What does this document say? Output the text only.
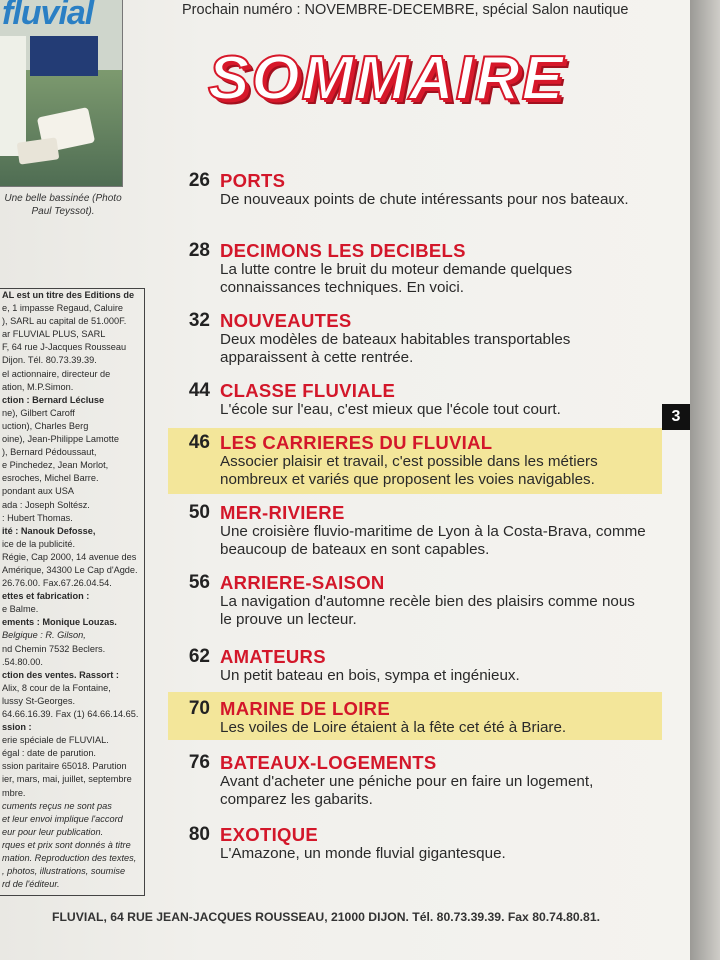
fluvial
Une belle bassinée (Photo Paul Teyssot).
AL est un titre des Editions de
e, 1 impasse Regaud, Caluire
), SARL au capital de 51.000F.
ar FLUVIAL PLUS, SARL
F, 64 rue J-Jacques Rousseau
Dijon. Tél. 80.73.39.39.
el actionnaire, directeur de
ation, M.P.Simon.
ction : Bernard Lécluse
ne), Gilbert Caroff
uction), Charles Berg
oine), Jean-Philippe Lamotte
), Bernard Pédoussaut,
e Pinchedez, Jean Morlot,
esroches, Michel Barre.
pondant aux USA
ada : Joseph Soltész.
: Hubert Thomas.
ité : Nanouk Defosse,
ice de la publicité.
Régie, Cap 2000, 14 avenue des
Amérique, 34300 Le Cap d'Agde.
26.76.00. Fax.67.26.04.54.
ettes et fabrication :
e Balme.
ements : Monique Louzas.
Belgique : R. Gilson,
nd Chemin 7532 Beclers.
.54.80.00.
ction des ventes. Rassort :
Alix, 8 cour de la Fontaine,
lussy St-Georges.
64.66.16.39. Fax (1) 64.66.14.65.
ssion :
erie spéciale de FLUVIAL.
égal : date de parution.
ssion paritaire 65018. Parution
ier, mars, mai, juillet, septembre
mbre.
cuments reçus ne sont pas
et leur envoi implique l'accord
eur pour leur publication.
rques et prix sont donnés à titre
mation. Reproduction des textes,
, photos, illustrations, soumise
rd de l'éditeur.
Prochain numéro : NOVEMBRE-DECEMBRE, spécial Salon nautique
SOMMAIRE
3
26 PORTS
De nouveaux points de chute intéressants pour nos bateaux.
28 DECIMONS LES DECIBELS
La lutte contre le bruit du moteur demande quelques connaissances techniques. En voici.
32 NOUVEAUTES
Deux modèles de bateaux habitables transportables apparaissent à cette rentrée.
44 CLASSE FLUVIALE
L'école sur l'eau, c'est mieux que l'école tout court.
46 LES CARRIERES DU FLUVIAL
Associer plaisir et travail, c'est possible dans les métiers nombreux et variés que proposent les voies navigables.
50 MER-RIVIERE
Une croisière fluvio-maritime de Lyon à la Costa-Brava, comme beaucoup de bateaux en sont capables.
56 ARRIERE-SAISON
La navigation d'automne recèle bien des plaisirs comme nous le prouve un lecteur.
62 AMATEURS
Un petit bateau en bois, sympa et ingénieux.
70 MARINE DE LOIRE
Les voiles de Loire étaient à la fête cet été à Briare.
76 BATEAUX-LOGEMENTS
Avant d'acheter une péniche pour en faire un logement, comparez les gabarits.
80 EXOTIQUE
L'Amazone, un monde fluvial gigantesque.
FLUVIAL, 64 RUE JEAN-JACQUES ROUSSEAU, 21000 DIJON. Tél. 80.73.39.39. Fax 80.74.80.81.
